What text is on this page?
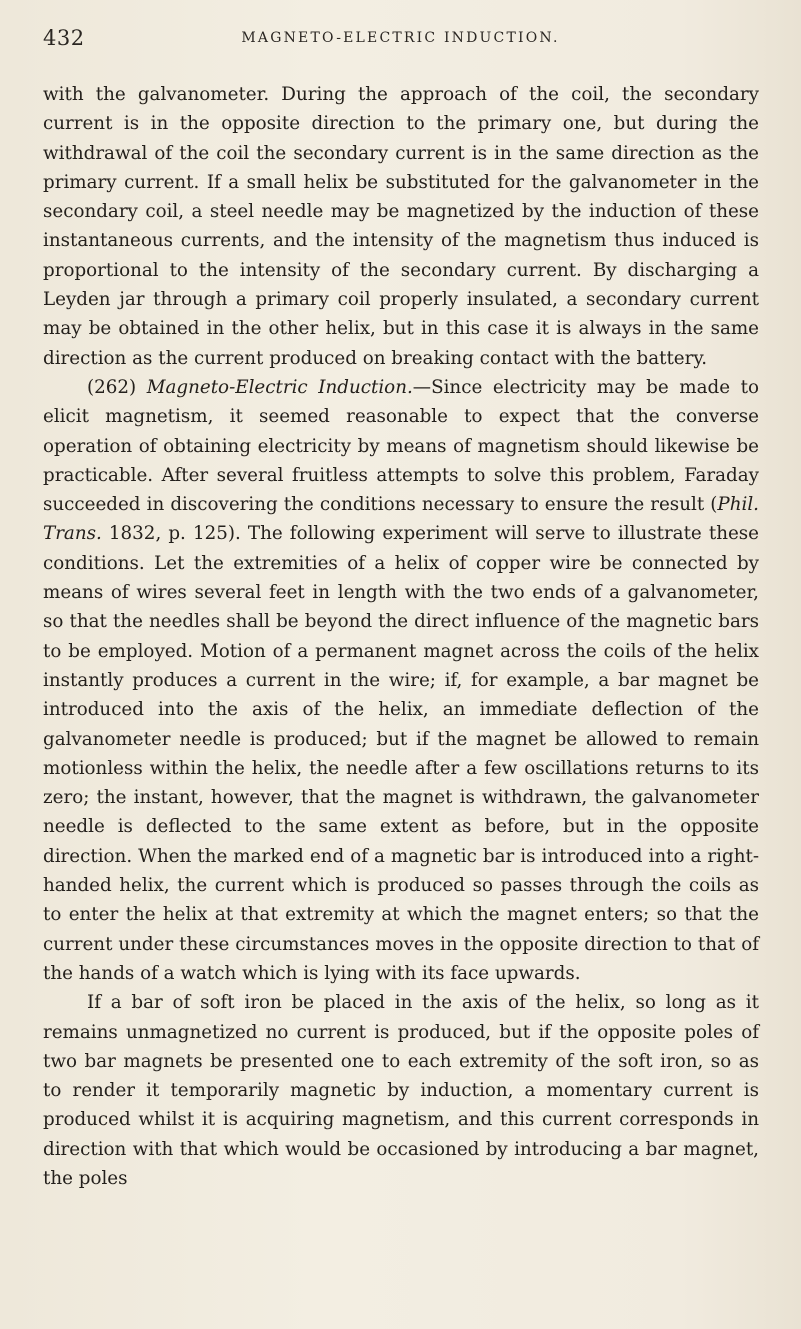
432	MAGNETO-ELECTRIC INDUCTION.

with the galvanometer. During the approach of the coil, the secondary current is in the opposite direction to the primary one, but during the withdrawal of the coil the secondary current is in the same direction as the primary current. If a small helix be substituted for the galvanometer in the secondary coil, a steel needle may be magnetized by the induction of these instantaneous currents, and the intensity of the magnetism thus induced is proportional to the intensity of the secondary current. By discharging a Leyden jar through a primary coil properly insulated, a secondary current may be obtained in the other helix, but in this case it is always in the same direction as the current produced on breaking contact with the battery.

(262) Magneto-Electric Induction.—Since electricity may be made to elicit magnetism, it seemed reasonable to expect that the converse operation of obtaining electricity by means of magnetism should likewise be practicable. After several fruitless attempts to solve this problem, Faraday succeeded in discovering the conditions necessary to ensure the result (Phil. Trans. 1832, p. 125). The following experiment will serve to illustrate these conditions. Let the extremities of a helix of copper wire be connected by means of wires several feet in length with the two ends of a galvanometer, so that the needles shall be beyond the direct influence of the magnetic bars to be employed. Motion of a permanent magnet across the coils of the helix instantly produces a current in the wire; if, for example, a bar magnet be introduced into the axis of the helix, an immediate deflection of the galvanometer needle is produced; but if the magnet be allowed to remain motionless within the helix, the needle after a few oscillations returns to its zero; the instant, however, that the magnet is withdrawn, the galvanometer needle is deflected to the same extent as before, but in the opposite direction. When the marked end of a magnetic bar is introduced into a right-handed helix, the current which is produced so passes through the coils as to enter the helix at that extremity at which the magnet enters; so that the current under these circumstances moves in the opposite direction to that of the hands of a watch which is lying with its face upwards.

If a bar of soft iron be placed in the axis of the helix, so long as it remains unmagnetized no current is produced, but if the opposite poles of two bar magnets be presented one to each extremity of the soft iron, so as to render it temporarily magnetic by induction, a momentary current is produced whilst it is acquiring magnetism, and this current corresponds in direction with that which would be occasioned by introducing a bar magnet, the poles
